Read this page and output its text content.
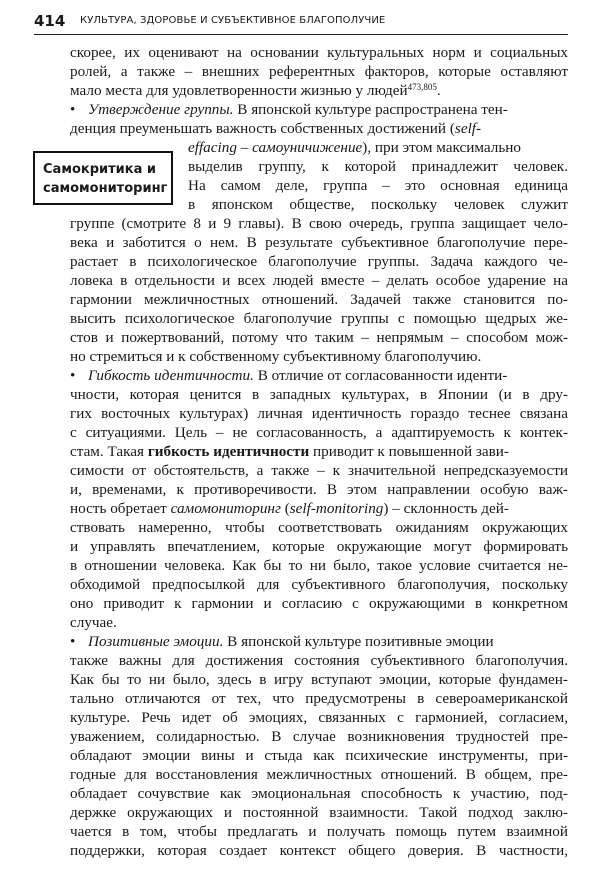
414 КУЛЬТУРА, ЗДОРОВЬЕ И СУБЪЕКТИВНОЕ БЛАГОПОЛУЧИЕ
Самокритика и
самомониторинг
скорее, их оценивают на основании культуральных норм и социальных
ролей, а также – внешних референтных факторов, которые оставляют
мало места для удовлетворенности жизнью у людей$^{473,805}$.
• Утверждение группы. В японской культуре распространена тен-
денция преуменьшать важность собственных достижений (self-
effacing – самоуничижение), при этом максимально
выделив группу, к которой принадлежит человек.
На самом деле, группа – это основная единица
в японском обществе, поскольку человек служит
группе (смотрите 8 и 9 главы). В свою очередь, группа защищает чело-
века и заботится о нем. В результате субъективное благополучие пере-
растает в психологическое благополучие группы. Задача каждого че-
ловека в отдельности и всех людей вместе – делать особое ударение на
гармонии межличностных отношений. Задачей также становится по-
высить психологическое благополучие группы с помощью щедрых же-
стов и пожертвований, потому что таким – непрямым – способом мож-
но стремиться и к собственному субъективному благополучию.
• Гибкость идентичности. В отличие от согласованности иденти-
чности, которая ценится в западных культурах, в Японии (и в дру-
гих восточных культурах) личная идентичность гораздо теснее связана
с ситуациями. Цель – не согласованность, а адаптируемость к контек-
стам. Такая гибкость идентичности приводит к повышенной зави-
симости от обстоятельств, а также – к значительной непредсказуемости
и, временами, к противоречивости. В этом направлении особую важ-
ность обретает самомониторинг (self-monitoring) – склонность дей-
ствовать намеренно, чтобы соответствовать ожиданиям окружающих
и управлять впечатлением, которые окружающие могут формировать
в отношении человека. Как бы то ни было, такое условие считается не-
обходимой предпосылкой для субъективного благополучия, поскольку
оно приводит к гармонии и согласию с окружающими в конкретном
случае.
• Позитивные эмоции. В японской культуре позитивные эмоции
также важны для достижения состояния субъективного благополучия.
Как бы то ни было, здесь в игру вступают эмоции, которые фундамен-
тально отличаются от тех, что предусмотрены в североамериканской
культуре. Речь идет об эмоциях, связанных с гармонией, согласием,
уважением, солидарностью. В случае возникновения трудностей пре-
обладают эмоции вины и стыда как психические инструменты, при-
годные для восстановления межличностных отношений. В общем, пре-
обладает сочувствие как эмоциональная способность к участию, под-
держке окружающих и постоянной взаимности. Такой подход заклю-
чается в том, чтобы предлагать и получать помощь путем взаимной
поддержки, которая создает контекст общего доверия. В частности,
